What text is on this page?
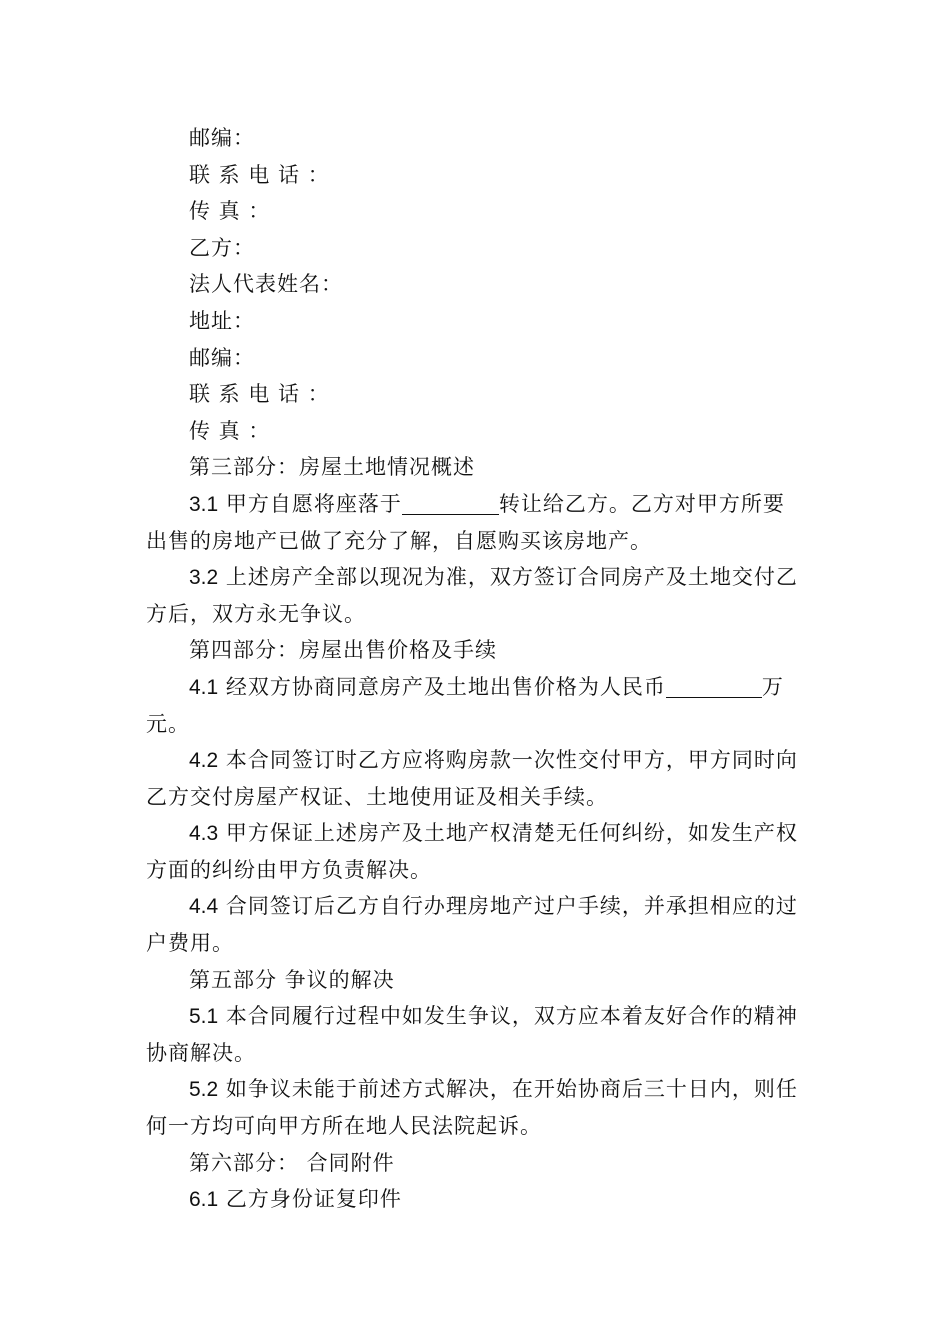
邮编：
联 系 电 话 ：
传 真 ：
乙方：
法人代表姓名：
地址：
邮编：
联 系 电 话 ：
传 真 ：
第三部分：房屋土地情况概述
3.1 甲方自愿将座落于	转让给乙方。乙方对甲方所要
出售的房地产已做了充分了解，自愿购买该房地产。
3.2 上述房产全部以现况为准，双方签订合同房产及土地交付乙
方后，双方永无争议。
第四部分：房屋出售价格及手续
4.1 经双方协商同意房产及土地出售价格为人民币	万
元。
4.2 本合同签订时乙方应将购房款一次性交付甲方，甲方同时向
乙方交付房屋产权证、土地使用证及相关手续。
4.3 甲方保证上述房产及土地产权清楚无任何纠纷，如发生产权
方面的纠纷由甲方负责解决。
4.4 合同签订后乙方自行办理房地产过户手续，并承担相应的过
户费用。
第五部分 争议的解决
5.1 本合同履行过程中如发生争议，双方应本着友好合作的精神
协商解决。
5.2 如争议未能于前述方式解决，在开始协商后三十日内，则任
何一方均可向甲方所在地人民法院起诉。
第六部分： 合同附件
6.1 乙方身份证复印件
